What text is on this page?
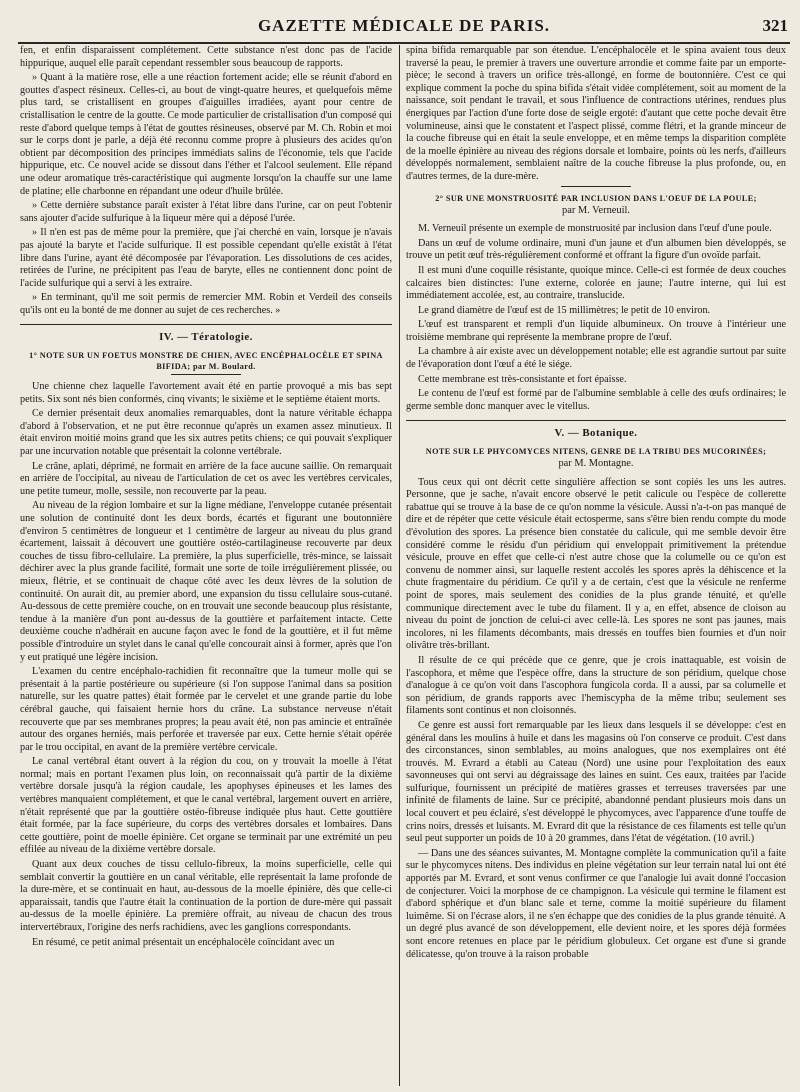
GAZETTE MÉDICALE DE PARIS.	321

fen, et enfin disparaissent complétement. Cette substance n'est donc pas de l'acide hippurique, auquel elle paraît cependant ressembler sous beaucoup de rapports.

» Quant à la matière rose, elle a une réaction fortement acide; elle se réunit d'abord en gouttes d'aspect résineux. Celles-ci, au bout de vingt-quatre heures, et quelquefois même plus tard, se cristallisent en groupes d'aiguilles irradiées, ayant pour centre de cristallisation le centre de la goutte. Ce mode particulier de cristallisation d'un composé qui reste d'abord quelque temps à l'état de gouttes résineuses, observé par M. Ch. Robin et moi sur le corps dont je parle, a déjà été reconnu comme propre à plusieurs des acides qu'on obtient par décomposition des principes immédiats salins de l'économie, tels que l'acide hippurique, etc. Ce nouvel acide se dissout dans l'éther et l'alcool seulement. Elle répand une odeur aromatique très-caractéristique qui augmente lorsqu'on la chauffe sur une lame de platine; elle charbonne en répandant une odeur d'huile brûlée.

» Cette dernière substance paraît exister à l'état libre dans l'urine, car on peut l'obtenir sans ajouter d'acide sulfurique à la liqueur mère qui a déposé l'urée.

» Il n'en est pas de même pour la première, que j'ai cherché en vain, lorsque je n'avais pas ajouté la baryte et l'acide sulfurique. Il est possible cependant qu'elle existât à l'état libre dans l'urine, ayant été décomposée par l'évaporation. Les dissolutions de ces acides, retirées de l'urine, ne précipitent pas l'eau de baryte, elles ne contiennent donc point de l'acide sulfurique qui a servi à les extraire.

» En terminant, qu'il me soit permis de remercier MM. Robin et Verdeil des conseils qu'ils ont eu la bonté de me donner au sujet de ces recherches. »

IV. — Tératologie.
1° NOTE SUR UN FOETUS MONSTRE DE CHIEN, AVEC ENCÉPHALOCÈLE ET SPINA BIFIDA; par M. Boulard.

Une chienne chez laquelle l'avortement avait été en partie provoqué a mis bas sept petits. Six sont nés bien conformés, cinq vivants; le sixième et le septième étaient morts.

Ce dernier présentait deux anomalies remarquables, dont la nature véritable échappa d'abord à l'observation, et ne put être reconnue qu'après un examen assez minutieux. Il était environ moitié moins grand que les six autres petits chiens; ce qui pouvait s'expliquer par une incurvation notable que présentait la colonne vertébrale.

Le crâne, aplati, déprimé, ne formait en arrière de la face aucune saillie. On remarquait en arrière de l'occipital, au niveau de l'articulation de cet os avec les vertèbres cervicales, une petite tumeur, molle, sessile, non recouverte par la peau.

Au niveau de la région lombaire et sur la ligne médiane, l'enveloppe cutanée présentait une solution de continuité dont les deux bords, écartés et figurant une boutonnière d'environ 5 centimètres de longueur et 1 centimètre de largeur au niveau du plus grand écartement, laissait à découvert une gouttière ostéo-cartilagineuse recouverte par deux couches de tissu fibro-cellulaire. La première, la plus superficielle, très-mince, se laissait déchirer avec la plus grande facilité, formait une sorte de toile irrégulièrement plissée, ou mieux, flétrie, et se continuait de chaque côté avec les deux lèvres de la solution de continuité. On aurait dit, au premier abord, une expansion du tissu cellulaire sous-cutané. Au-dessous de cette première couche, on en trouvait une seconde beaucoup plus résistante, tendue à la manière d'un pont au-dessus de la gouttière et parfaitement intacte. Cette deuxième couche n'adhérait en aucune façon avec le fond de la gouttière, et il fut même possible d'introduire un stylet dans le canal qu'elle concourait ainsi à former, après que l'on y eut pratiqué une légère incision.

L'examen du centre encéphalo-rachidien fit reconnaître que la tumeur molle qui se présentait à la partie postérieure ou supérieure (si l'on suppose l'animal dans sa position naturelle, sur les quatre pattes) était formée par le cervelet et une grande partie du lobe cérébral gauche, qui faisaient hernie hors du crâne. La substance nerveuse n'était recouverte que par ses membranes propres; la peau avait été, non pas amincie et entraînée autour des organes herniés, mais perforée et traversée par eux. Cette hernie s'était opérée par le trou occipital, en avant de la première vertèbre cervicale.

Le canal vertébral étant ouvert à la région du cou, on y trouvait la moelle à l'état normal; mais en portant l'examen plus loin, on reconnaissait qu'à partir de la dixième vertèbre dorsale jusqu'à la région caudale, les apophyses épineuses et les lames des vertèbres manquaient complétement, et que le canal vertébral, largement ouvert en arrière, n'était représenté que par la gouttière ostéo-fibreuse indiquée plus haut. Cette gouttière était formée, par la face supérieure, du corps des vertèbres dorsales et lombaires. Dans cette gouttière, point de moelle épinière. Cet organe se terminait par une extrémité un peu effilée au niveau de la dixième vertèbre dorsale.

Quant aux deux couches de tissu cellulo-fibreux, la moins superficielle, celle qui semblait convertir la gouttière en un canal véritable, elle représentait la lame profonde de la dure-mère, et se continuait en haut, au-dessous de la moelle épinière, dès que celle-ci apparaissait, tandis que l'autre était la continuation de la portion de dure-mère qui passait au-dessus de la moelle épinière. La première offrait, au niveau de chacun des trous intervertébraux, l'origine des nerfs rachidiens, avec les ganglions correspondants.

En résumé, ce petit animal présentait un encéphalocèle coïncidant avec un

spina bifida remarquable par son étendue. L'encéphalocèle et le spina avaient tous deux traversé la peau, le premier à travers une ouverture arrondie et comme faite par un emporte-pièce; le second à travers un orifice très-allongé, en forme de boutonnière. C'est ce qui explique comment la poche du spina bifida s'était vidée complétement, soit au moment de la naissance, soit pendant le travail, et sous l'influence de contractions utérines, rendues plus énergiques par l'action d'une forte dose de seigle ergoté: d'autant que cette poche devait être volumineuse, ainsi que le constatent et l'aspect plissé, comme flétri, et la grande minceur de la couche fibreuse qui en était la seule enveloppe, et en même temps la disparition complète de la moelle épinière au niveau des régions dorsale et lombaire, points où les nerfs, d'ailleurs développés normalement, semblaient naître de la couche fibreuse la plus profonde, ou, en d'autres termes, de la dure-mère.

2° SUR UNE MONSTRUOSITÉ PAR INCLUSION DANS L'OEUF DE LA POULE;
par M. Verneuil.

M. Verneuil présente un exemple de monstruosité par inclusion dans l'œuf d'une poule.

Dans un œuf de volume ordinaire, muni d'un jaune et d'un albumen bien développés, se trouve un petit œuf très-régulièrement conformé et offrant la figure d'un ovoïde parfait.

Il est muni d'une coquille résistante, quoique mince. Celle-ci est formée de deux couches calcaires bien distinctes: l'une externe, colorée en jaune; l'autre interne, qui lui est immédiatement accolée, est, au contraire, translucide.

Le grand diamètre de l'œuf est de 15 millimètres; le petit de 10 environ.

L'œuf est transparent et rempli d'un liquide albumineux. On trouve à l'intérieur une troisième membrane qui représente la membrane propre de l'œuf.

La chambre à air existe avec un développement notable; elle est agrandie surtout par suite de l'évaporation dont l'œuf a été le siége.

Cette membrane est très-consistante et fort épaisse.

Le contenu de l'œuf est formé par de l'albumine semblable à celle des œufs ordinaires; le germe semble donc manquer avec le vitellus.

V. — Botanique.
NOTE SUR LE PHYCOMYCES NITENS, GENRE DE LA TRIBU DES MUCORINÉES;
par M. Montagne.

Tous ceux qui ont décrit cette singulière affection se sont copiés les uns les autres. Personne, que je sache, n'avait encore observé le petit calicule ou l'espèce de collerette rabattue qui se trouve à la base de ce qu'on nomme la vésicule. Aussi n'a-t-on pas manqué de dire et de répéter que cette vésicule était ectosperme, sans s'être bien rendu compte du mode d'évolution des spores. La présence bien constatée du calicule, qui me semble devoir être considéré comme le résidu d'un péridium qui enveloppait primitivement la prétendue vésicule, prouve en effet que celle-ci n'est autre chose que la columelle ou ce qu'on est convenu de nommer ainsi, sur laquelle restent accolés les spores après la déhiscence et la chute fragmentaire du péridium. Ce qu'il y a de certain, c'est que la vésicule ne renferme point de spores, mais seulement des conidies de la plus grande ténuité, et qu'elle communique directement avec le tube du filament. Il y a, en effet, absence de cloison au niveau du point de jonction de celui-ci avec celle-là. Les spores ne sont pas jaunes, mais incolores, ni les filaments décombants, mais dressés en touffes bien fournies et d'un noir olivâtre très-brillant.

Il résulte de ce qui précède que ce genre, que je crois inattaquable, est voisin de l'ascophora, et même que l'espèce offre, dans la structure de son péridium, quelque chose d'analogue à ce qu'on voit dans l'ascophora fungicola corda. Il a aussi, par sa columelle et son péridium, de grands rapports avec l'hemiscypha de la même tribu; seulement ses filaments sont continus et non cloisonnés.

Ce genre est aussi fort remarquable par les lieux dans lesquels il se développe: c'est en général dans les moulins à huile et dans les magasins où l'on conserve ce produit. C'est dans des circonstances, sinon semblables, au moins analogues, que nos exemplaires ont été trouvés. M. Evrard a établi au Cateau (Nord) une usine pour l'exploitation des eaux savonneuses qui ont servi au dégraissage des laines en suint. Ces eaux, traitées par l'acide sulfurique, fournissent un précipité de matières grasses et terreuses traversées par une infinité de filaments de laine. Sur ce précipité, abandonné pendant plusieurs mois dans un local couvert et peu éclairé, s'est développé le phycomyces, avec l'apparence d'une touffe de crins noirs, dressés et luisants. M. Evrard dit que la résistance de ces filaments est telle qu'un seul peut supporter un poids de 10 à 20 grammes, dans l'état de végétation. (10 avril.)

— Dans une des séances suivantes, M. Montagne complète la communication qu'il a faite sur le phycomyces nitens. Des individus en pleine végétation sur leur terrain natal lui ont été apportés par M. Evrard, et sont venus confirmer ce que l'analogie lui avait donné l'occasion de conjecturer. Voici la morphose de ce champignon. La vésicule qui termine le filament est d'abord sphérique et d'un blanc sale et terne, comme la moitié supérieure du filament luimême. Si on l'écrase alors, il ne s'en échappe que des conidies de la plus grande ténuité. A un degré plus avancé de son développement, elle devient noire, et les spores déjà formées sont encore retenues en place par le péridium globuleux. Cet organe est d'une si grande délicatesse, qu'on trouve à la raison probable
